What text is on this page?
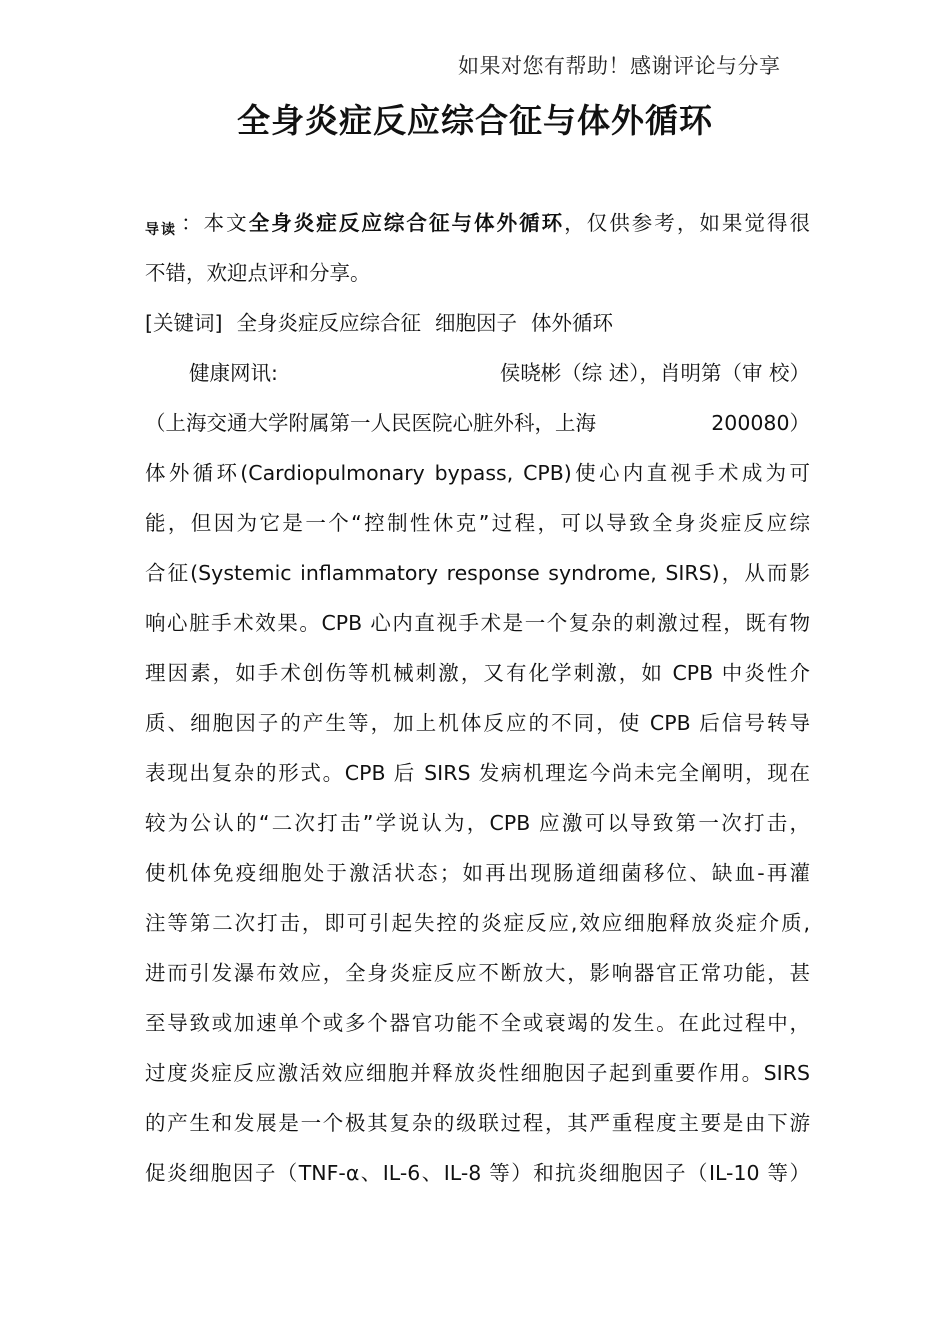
如果对您有帮助！感谢评论与分享
全身炎症反应综合征与体外循环
导读 ：本文全身炎症反应综合征与体外循环，仅供参考，如果觉得很
不错，欢迎点评和分享。
[关键词] 全身炎症反应综合征 细胞因子 体外循环
健康网讯:	侯晓彬（综 述），肖明第（审 校）
（上海交通大学附属第一人民医院心脏外科，上海	200080）
体外循环(Cardiopulmonary bypass, CPB)使心内直视手术成为可
能，但因为它是一个“控制性休克”过程，可以导致全身炎症反应综
合征(Systemic inflammatory response syndrome, SIRS)，从而影
响心脏手术效果。CPB 心内直视手术是一个复杂的刺激过程，既有物
理因素，如手术创伤等机械刺激，又有化学刺激，如 CPB 中炎性介
质、细胞因子的产生等，加上机体反应的不同，使 CPB 后信号转导
表现出复杂的形式。CPB 后 SIRS 发病机理迄今尚未完全阐明，现在
较为公认的“二次打击”学说认为，CPB 应激可以导致第一次打击，
使机体免疫细胞处于激活状态；如再出现肠道细菌移位、缺血-再灌
注等第二次打击，即可引起失控的炎症反应,效应细胞释放炎症介质,
进而引发瀑布效应，全身炎症反应不断放大，影响器官正常功能，甚
至导致或加速单个或多个器官功能不全或衰竭的发生。在此过程中，
过度炎症反应激活效应细胞并释放炎性细胞因子起到重要作用。SIRS
的产生和发展是一个极其复杂的级联过程，其严重程度主要是由下游
促炎细胞因子（TNF-α、IL-6、IL-8 等）和抗炎细胞因子（IL-10 等）
